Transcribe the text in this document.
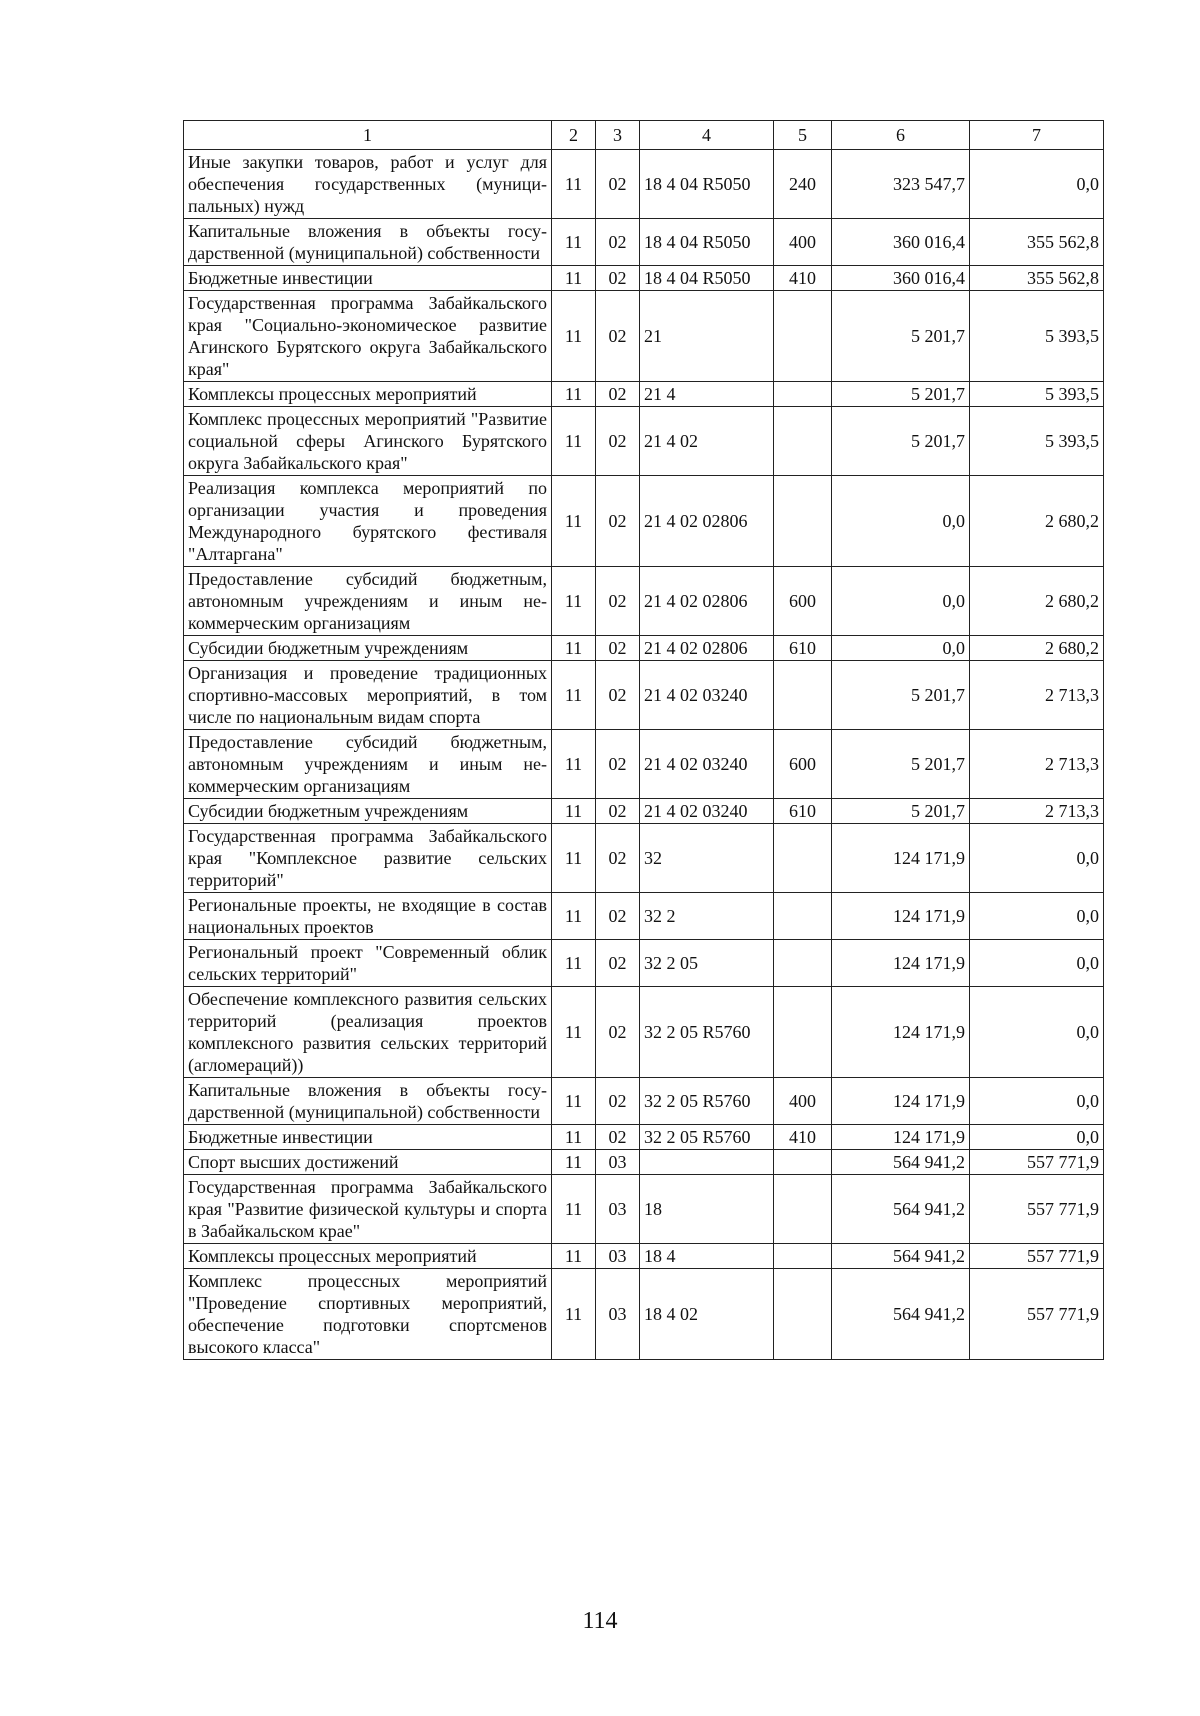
1	2	3	4	5	6	7
Иные закупки товаров, работ и услуг для обеспечения государственных (муниципальных) нужд	11	02	18 4 04 R5050	240	323 547,7	0,0
Капитальные вложения в объекты государственной (муниципальной) собственности	11	02	18 4 04 R5050	400	360 016,4	355 562,8
Бюджетные инвестиции	11	02	18 4 04 R5050	410	360 016,4	355 562,8
Государственная программа Забайкальского края "Социально-экономическое развитие Агинского Бурятского округа Забайкальского края"	11	02	21		5 201,7	5 393,5
Комплексы процессных мероприятий	11	02	21 4		5 201,7	5 393,5
Комплекс процессных мероприятий "Развитие социальной сферы Агинского Бурятского округа Забайкальского края"	11	02	21 4 02		5 201,7	5 393,5
Реализация комплекса мероприятий по организации участия и проведения Международного бурятского фестиваля "Алтаргана"	11	02	21 4 02 02806		0,0	2 680,2
Предоставление субсидий бюджетным, автономным учреждениям и иным некоммерческим организациям	11	02	21 4 02 02806	600	0,0	2 680,2
Субсидии бюджетным учреждениям	11	02	21 4 02 02806	610	0,0	2 680,2
Организация и проведение традиционных спортивно-массовых мероприятий, в том числе по национальным видам спорта	11	02	21 4 02 03240		5 201,7	2 713,3
Предоставление субсидий бюджетным, автономным учреждениям и иным некоммерческим организациям	11	02	21 4 02 03240	600	5 201,7	2 713,3
Субсидии бюджетным учреждениям	11	02	21 4 02 03240	610	5 201,7	2 713,3
Государственная программа Забайкальского края "Комплексное развитие сельских территорий"	11	02	32		124 171,9	0,0
Региональные проекты, не входящие в состав национальных проектов	11	02	32 2		124 171,9	0,0
Региональный проект "Современный облик сельских территорий"	11	02	32 2 05		124 171,9	0,0
Обеспечение комплексного развития сельских территорий (реализация проектов комплексного развития сельских территорий (агломераций))	11	02	32 2 05 R5760		124 171,9	0,0
Капитальные вложения в объекты государственной (муниципальной) собственности	11	02	32 2 05 R5760	400	124 171,9	0,0
Бюджетные инвестиции	11	02	32 2 05 R5760	410	124 171,9	0,0
Спорт высших достижений	11	03			564 941,2	557 771,9
Государственная программа Забайкальского края "Развитие физической культуры и спорта в Забайкальском крае"	11	03	18		564 941,2	557 771,9
Комплексы процессных мероприятий	11	03	18 4		564 941,2	557 771,9
Комплекс процессных мероприятий "Проведение спортивных мероприятий, обеспечение подготовки спортсменов высокого класса"	11	03	18 4 02		564 941,2	557 771,9
114
